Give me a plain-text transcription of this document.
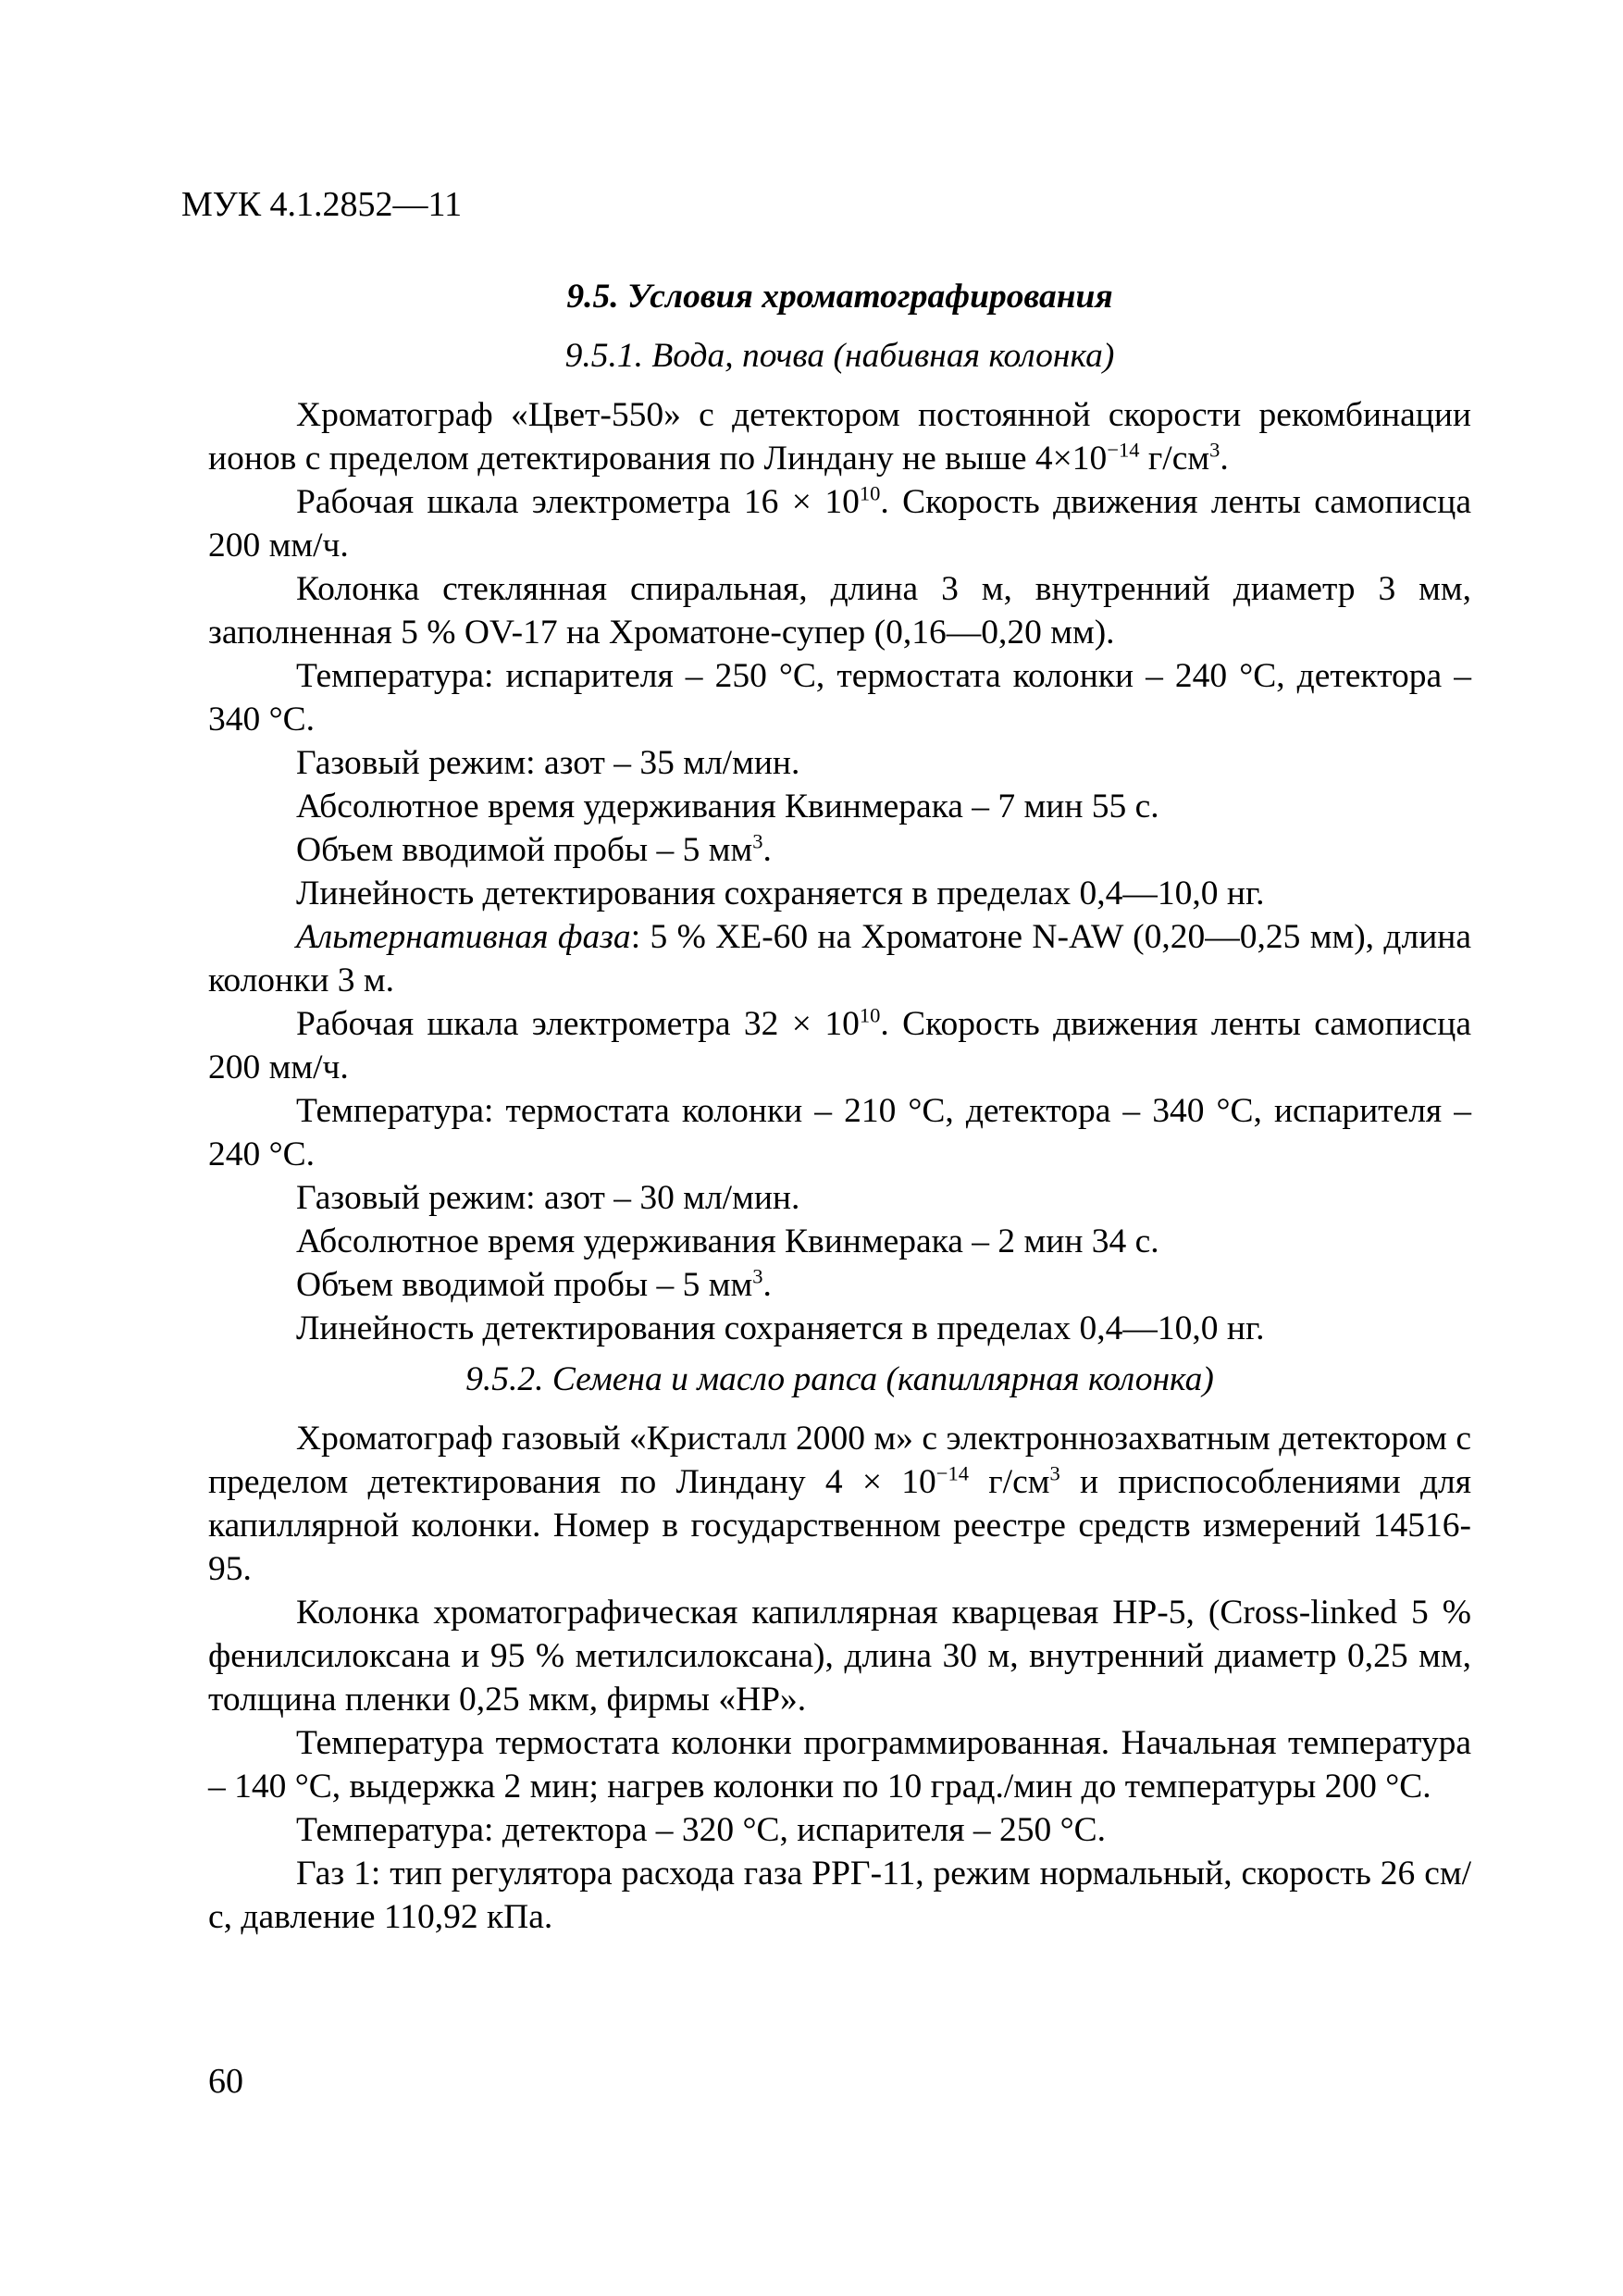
МУК 4.1.2852—11
9.5. Условия хроматографирования
9.5.1. Вода, почва (набивная колонка)
Хроматограф «Цвет-550» с детектором постоянной скорости рекомбинации ионов с пределом детектирования по Линдану не выше $4\times 10^{-14}$ $г/см^3$.
Рабочая шкала электрометра $16 \times 10^{10}$. Скорость движения ленты самописца 200 мм/ч.
Колонка стеклянная спиральная, длина 3 м, внутренний диаметр 3 мм, заполненная 5 % OV-17 на Хроматоне-супер (0,16—0,20 мм).
Температура: испарителя – 250 °С, термостата колонки – 240 °С, детектора – 340 °С.
Газовый режим: азот – 35 мл/мин.
Абсолютное время удерживания Квинмерака – 7 мин 55 с.
Объем вводимой пробы – 5 $мм^3$.
Линейность детектирования сохраняется в пределах 0,4—10,0 нг.
Альтернативная фаза: 5 % XE-60 на Хроматоне N-AW (0,20—0,25 мм), длина колонки 3 м.
Рабочая шкала электрометра $32 \times 10^{10}$. Скорость движения ленты самописца 200 мм/ч.
Температура: термостата колонки – 210 °С, детектора – 340 °С, испарителя – 240 °С.
Газовый режим: азот – 30 мл/мин.
Абсолютное время удерживания Квинмерака – 2 мин 34 с.
Объем вводимой пробы – 5 $мм^3$.
Линейность детектирования сохраняется в пределах 0,4—10,0 нг.
9.5.2. Семена и масло рапса (капиллярная колонка)
Хроматограф газовый «Кристалл 2000 м» с электроннозахватным детектором с пределом детектирования по Линдану $4 \times 10^{-14}$ $г/см^3$ и приспособлениями для капиллярной колонки. Номер в государственном реестре средств измерений 14516-95.
Колонка хроматографическая капиллярная кварцевая HP-5, (Cross-linked 5 % фенилсилоксана и 95 % метилсилоксана), длина 30 м, внутренний диаметр 0,25 мм, толщина пленки 0,25 мкм, фирмы «HP».
Температура термостата колонки программированная. Начальная температура – 140 °С, выдержка 2 мин; нагрев колонки по 10 град./мин до температуры 200 °С.
Температура: детектора – 320 °С, испарителя – 250 °С.
Газ 1: тип регулятора расхода газа РРГ-11, режим нормальный, скорость 26 см/с, давление 110,92 кПа.
60
